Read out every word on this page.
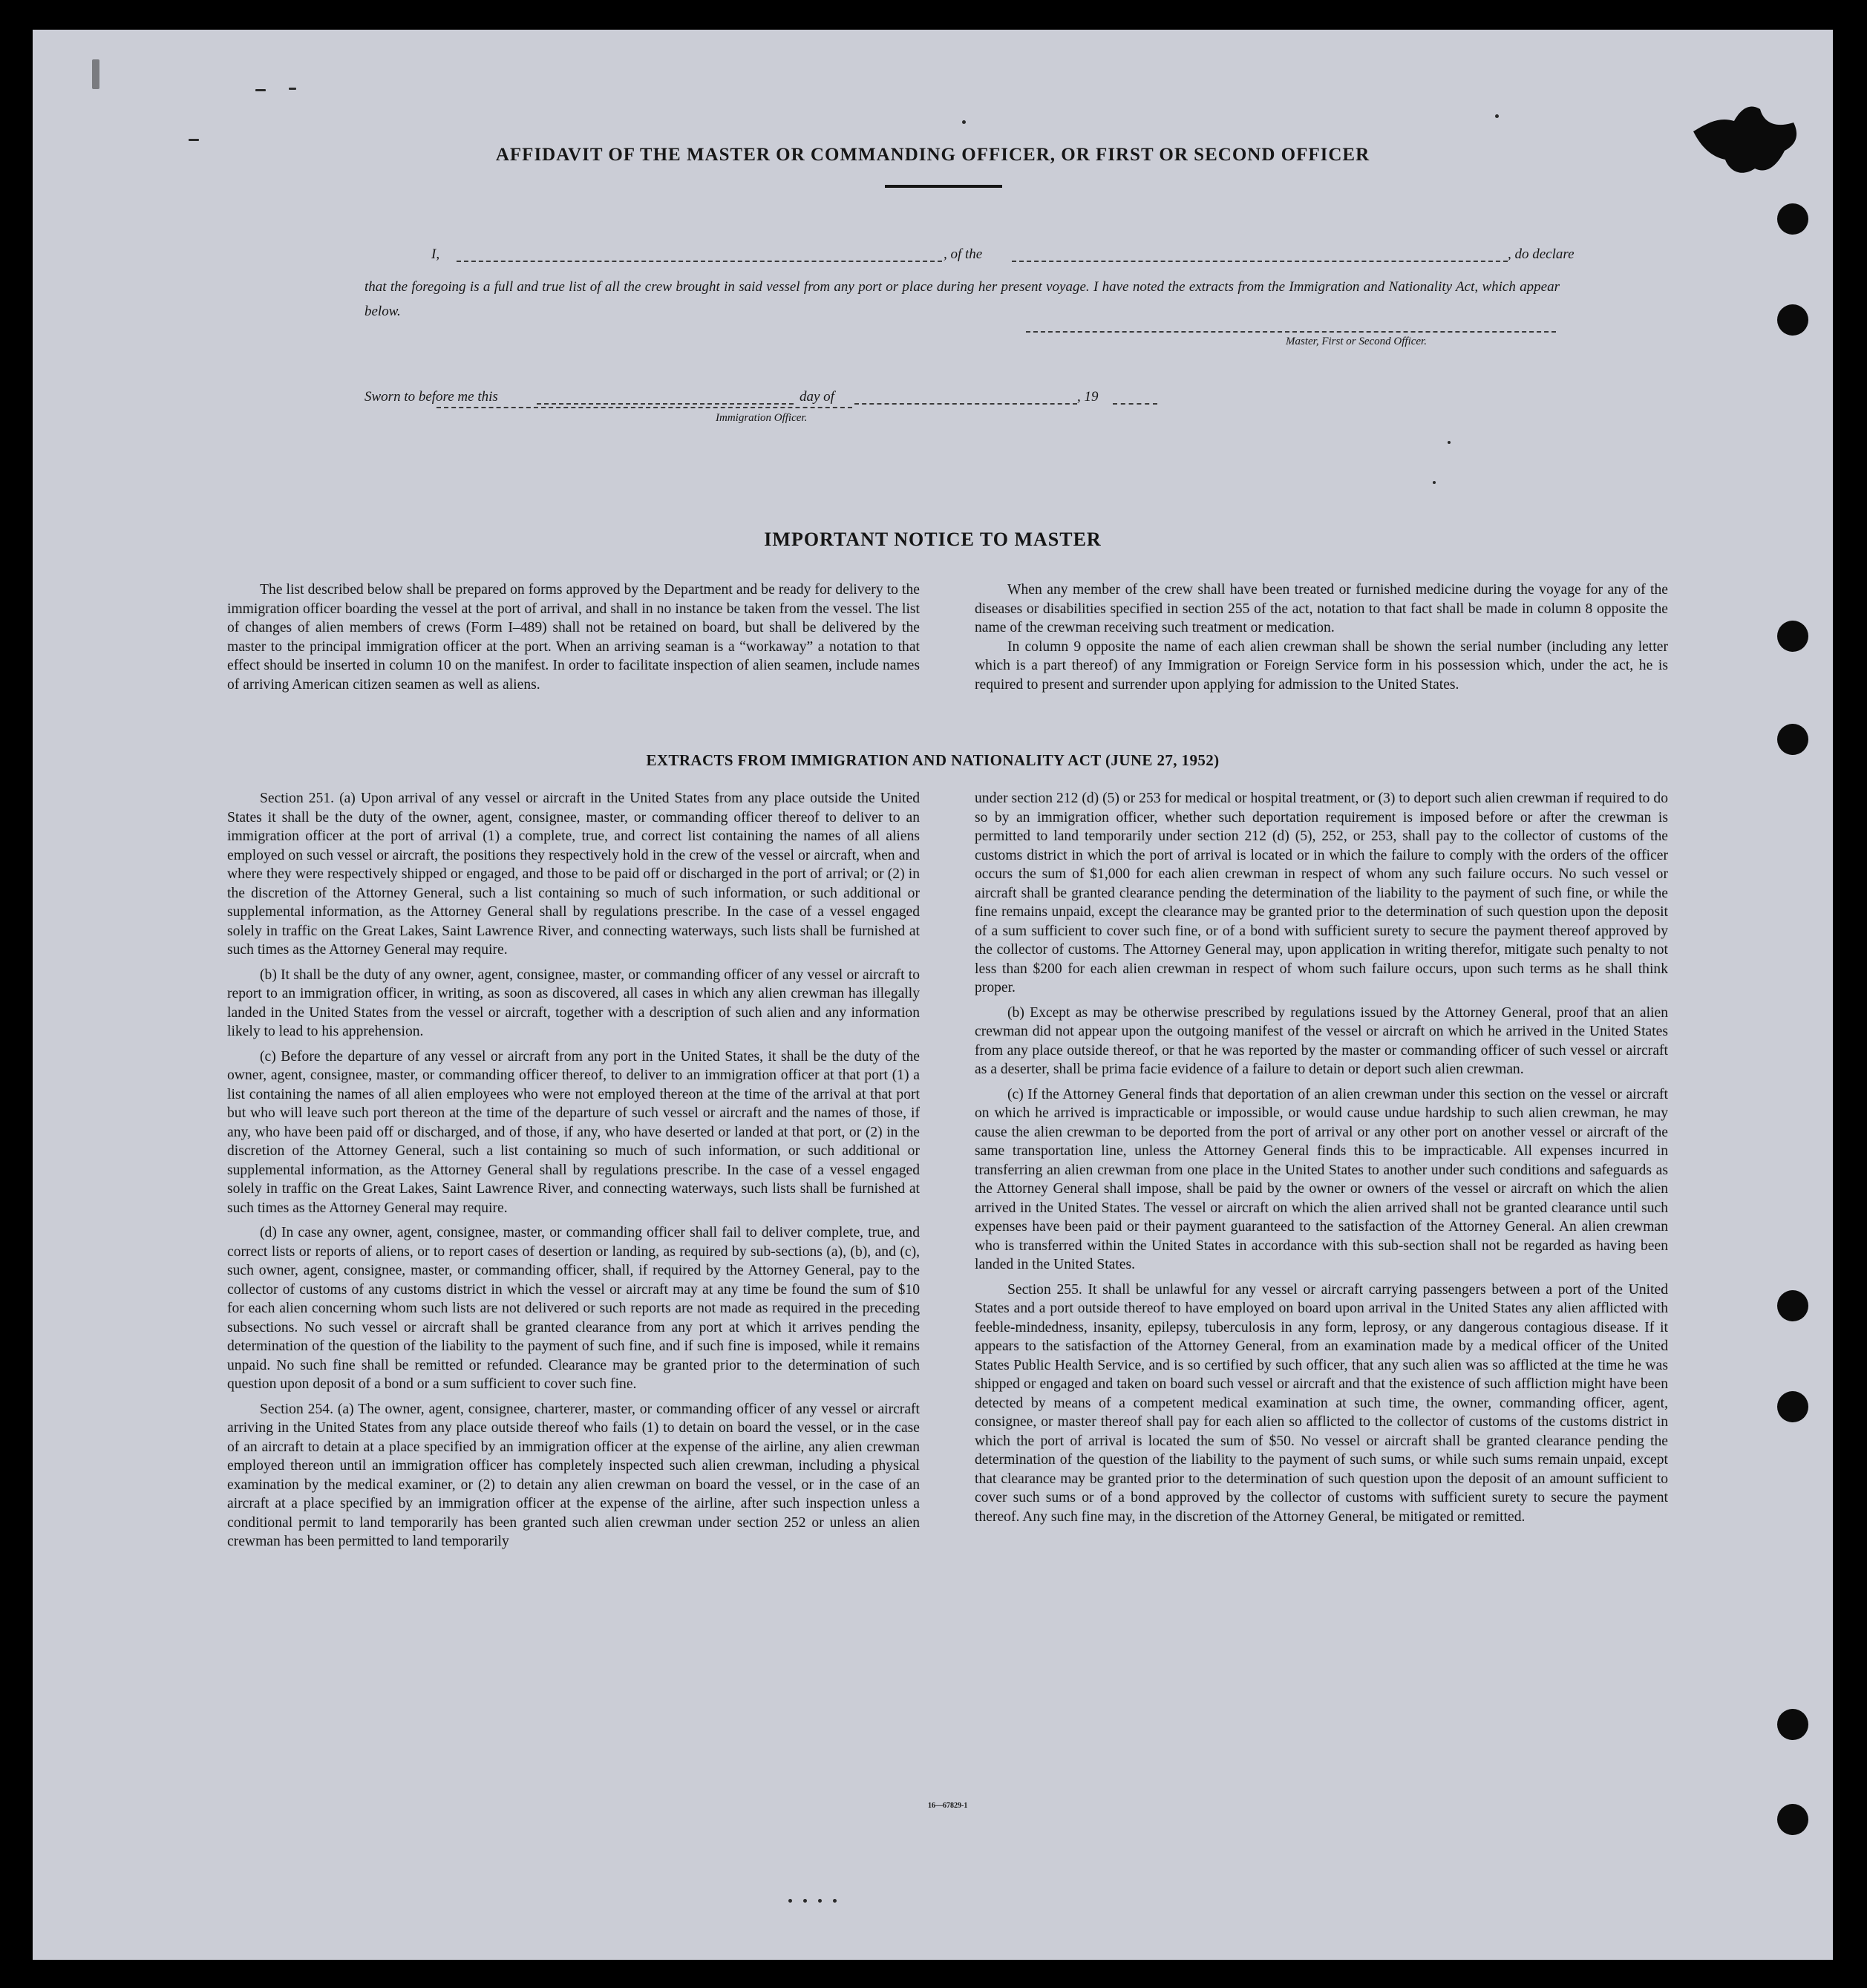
AFFIDAVIT OF THE MASTER OR COMMANDING OFFICER, OR FIRST OR SECOND OFFICER
I,	, of the	, do declare
that the foregoing is a full and true list of all the crew brought in said vessel from any port or place during her present voyage. I have noted the extracts from the Immigration and Nationality Act, which appear below.
Master, First or Second Officer.
Sworn to before me this	day of	, 19
Immigration Officer.
IMPORTANT NOTICE TO MASTER

The list described below shall be prepared on forms approved by the Department and be ready for delivery to the immigration officer boarding the vessel at the port of arrival, and shall in no instance be taken from the vessel. The list of changes of alien members of crews (Form I–489) shall not be retained on board, but shall be delivered by the master to the principal immigration officer at the port. When an arriving seaman is a “workaway” a notation to that effect should be inserted in column 10 on the manifest. In order to facilitate inspection of alien seamen, include names of arriving American citizen seamen as well as aliens.

When any member of the crew shall have been treated or furnished medicine during the voyage for any of the diseases or disabilities specified in section 255 of the act, notation to that fact shall be made in column 8 opposite the name of the crewman receiving such treatment or medication.

In column 9 opposite the name of each alien crewman shall be shown the serial number (including any letter which is a part thereof) of any Immigration or Foreign Service form in his possession which, under the act, he is required to present and surrender upon applying for admission to the United States.

EXTRACTS FROM IMMIGRATION AND NATIONALITY ACT (JUNE 27, 1952)

Section 251. (a) Upon arrival of any vessel or aircraft in the United States from any place outside the United States it shall be the duty of the owner, agent, consignee, master, or commanding officer thereof to deliver to an immigration officer at the port of arrival (1) a complete, true, and correct list containing the names of all aliens employed on such vessel or aircraft, the positions they respectively hold in the crew of the vessel or aircraft, when and where they were respectively shipped or engaged, and those to be paid off or discharged in the port of arrival; or (2) in the discretion of the Attorney General, such a list containing so much of such information, or such additional or supplemental information, as the Attorney General shall by regulations prescribe. In the case of a vessel engaged solely in traffic on the Great Lakes, Saint Lawrence River, and connecting waterways, such lists shall be furnished at such times as the Attorney General may require.

(b) It shall be the duty of any owner, agent, consignee, master, or commanding officer of any vessel or aircraft to report to an immigration officer, in writing, as soon as discovered, all cases in which any alien crewman has illegally landed in the United States from the vessel or aircraft, together with a description of such alien and any information likely to lead to his apprehension.

(c) Before the departure of any vessel or aircraft from any port in the United States, it shall be the duty of the owner, agent, consignee, master, or commanding officer thereof, to deliver to an immigration officer at that port (1) a list containing the names of all alien employees who were not employed thereon at the time of the arrival at that port but who will leave such port thereon at the time of the departure of such vessel or aircraft and the names of those, if any, who have been paid off or discharged, and of those, if any, who have deserted or landed at that port, or (2) in the discretion of the Attorney General, such a list containing so much of such information, or such additional or supplemental information, as the Attorney General shall by regulations prescribe. In the case of a vessel engaged solely in traffic on the Great Lakes, Saint Lawrence River, and connecting waterways, such lists shall be furnished at such times as the Attorney General may require.

(d) In case any owner, agent, consignee, master, or commanding officer shall fail to deliver complete, true, and correct lists or reports of aliens, or to report cases of desertion or landing, as required by sub-sections (a), (b), and (c), such owner, agent, consignee, master, or commanding officer, shall, if required by the Attorney General, pay to the collector of customs of any customs district in which the vessel or aircraft may at any time be found the sum of $10 for each alien concerning whom such lists are not delivered or such reports are not made as required in the preceding subsections. No such vessel or aircraft shall be granted clearance from any port at which it arrives pending the determination of the question of the liability to the payment of such fine, and if such fine is imposed, while it remains unpaid. No such fine shall be remitted or refunded. Clearance may be granted prior to the determination of such question upon deposit of a bond or a sum sufficient to cover such fine.

Section 254. (a) The owner, agent, consignee, charterer, master, or commanding officer of any vessel or aircraft arriving in the United States from any place outside thereof who fails (1) to detain on board the vessel, or in the case of an aircraft to detain at a place specified by an immigration officer at the expense of the airline, any alien crewman employed thereon until an immigration officer has completely inspected such alien crewman, including a physical examination by the medical examiner, or (2) to detain any alien crewman on board the vessel, or in the case of an aircraft at a place specified by an immigration officer at the expense of the airline, after such inspection unless a conditional permit to land temporarily has been granted such alien crewman under section 252 or unless an alien crewman has been permitted to land temporarily

under section 212 (d) (5) or 253 for medical or hospital treatment, or (3) to deport such alien crewman if required to do so by an immigration officer, whether such deportation requirement is imposed before or after the crewman is permitted to land temporarily under section 212 (d) (5), 252, or 253, shall pay to the collector of customs of the customs district in which the port of arrival is located or in which the failure to comply with the orders of the officer occurs the sum of $1,000 for each alien crewman in respect of whom any such failure occurs. No such vessel or aircraft shall be granted clearance pending the determination of the liability to the payment of such fine, or while the fine remains unpaid, except the clearance may be granted prior to the determination of such question upon the deposit of a sum sufficient to cover such fine, or of a bond with sufficient surety to secure the payment thereof approved by the collector of customs. The Attorney General may, upon application in writing therefor, mitigate such penalty to not less than $200 for each alien crewman in respect of whom such failure occurs, upon such terms as he shall think proper.

(b) Except as may be otherwise prescribed by regulations issued by the Attorney General, proof that an alien crewman did not appear upon the outgoing manifest of the vessel or aircraft on which he arrived in the United States from any place outside thereof, or that he was reported by the master or commanding officer of such vessel or aircraft as a deserter, shall be prima facie evidence of a failure to detain or deport such alien crewman.

(c) If the Attorney General finds that deportation of an alien crewman under this section on the vessel or aircraft on which he arrived is impracticable or impossible, or would cause undue hardship to such alien crewman, he may cause the alien crewman to be deported from the port of arrival or any other port on another vessel or aircraft of the same transportation line, unless the Attorney General finds this to be impracticable. All expenses incurred in transferring an alien crewman from one place in the United States to another under such conditions and safeguards as the Attorney General shall impose, shall be paid by the owner or owners of the vessel or aircraft on which the alien arrived in the United States. The vessel or aircraft on which the alien arrived shall not be granted clearance until such expenses have been paid or their payment guaranteed to the satisfaction of the Attorney General. An alien crewman who is transferred within the United States in accordance with this sub-section shall not be regarded as having been landed in the United States.

Section 255. It shall be unlawful for any vessel or aircraft carrying passengers between a port of the United States and a port outside thereof to have employed on board upon arrival in the United States any alien afflicted with feeble-mindedness, insanity, epilepsy, tuberculosis in any form, leprosy, or any dangerous contagious disease. If it appears to the satisfaction of the Attorney General, from an examination made by a medical officer of the United States Public Health Service, and is so certified by such officer, that any such alien was so afflicted at the time he was shipped or engaged and taken on board such vessel or aircraft and that the existence of such affliction might have been detected by means of a competent medical examination at such time, the owner, commanding officer, agent, consignee, or master thereof shall pay for each alien so afflicted to the collector of customs of the customs district in which the port of arrival is located the sum of $50. No vessel or aircraft shall be granted clearance pending the determination of the question of the liability to the payment of such sums, or while such sums remain unpaid, except that clearance may be granted prior to the determination of such question upon the deposit of an amount sufficient to cover such sums or of a bond approved by the collector of customs with sufficient surety to secure the payment thereof. Any such fine may, in the discretion of the Attorney General, be mitigated or remitted.

16—67829-1
